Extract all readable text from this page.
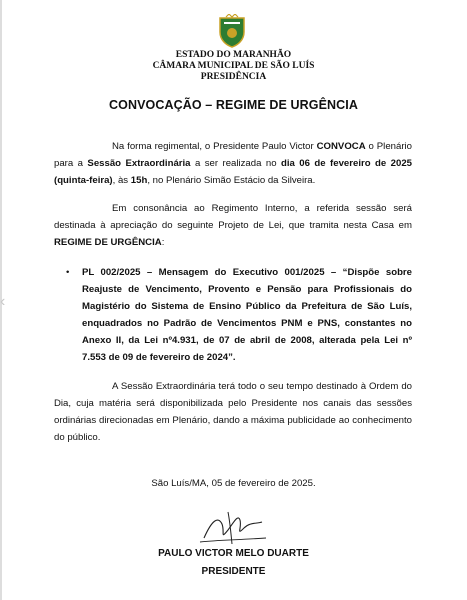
‹
ESTADO DO MARANHÃO
CÂMARA MUNICIPAL DE SÃO LUÍS
PRESIDÊNCIA
CONVOCAÇÃO – REGIME DE URGÊNCIA
Na forma regimental, o Presidente Paulo Victor CONVOCA o Plenário para a Sessão Extraordinária a ser realizada no dia 06 de fevereiro de 2025 (quinta-feira), às 15h, no Plenário Simão Estácio da Silveira.
Em consonância ao Regimento Interno, a referida sessão será destinada à apreciação do seguinte Projeto de Lei, que tramita nesta Casa em REGIME DE URGÊNCIA:
• PL 002/2025 – Mensagem do Executivo 001/2025 – “Dispõe sobre Reajuste de Vencimento, Provento e Pensão para Profissionais do Magistério do Sistema de Ensino Público da Prefeitura de São Luís, enquadrados no Padrão de Vencimentos PNM e PNS, constantes no Anexo II, da Lei nº4.931, de 07 de abril de 2008, alterada pela Lei nº 7.553 de 09 de fevereiro de 2024”.
A Sessão Extraordinária terá todo o seu tempo destinado à Ordem do Dia, cuja matéria será disponibilizada pelo Presidente nos canais das sessões ordinárias direcionadas em Plenário, dando a máxima publicidade ao conhecimento do público.
São Luís/MA, 05 de fevereiro de 2025.
PAULO VICTOR MELO DUARTE
PRESIDENTE
